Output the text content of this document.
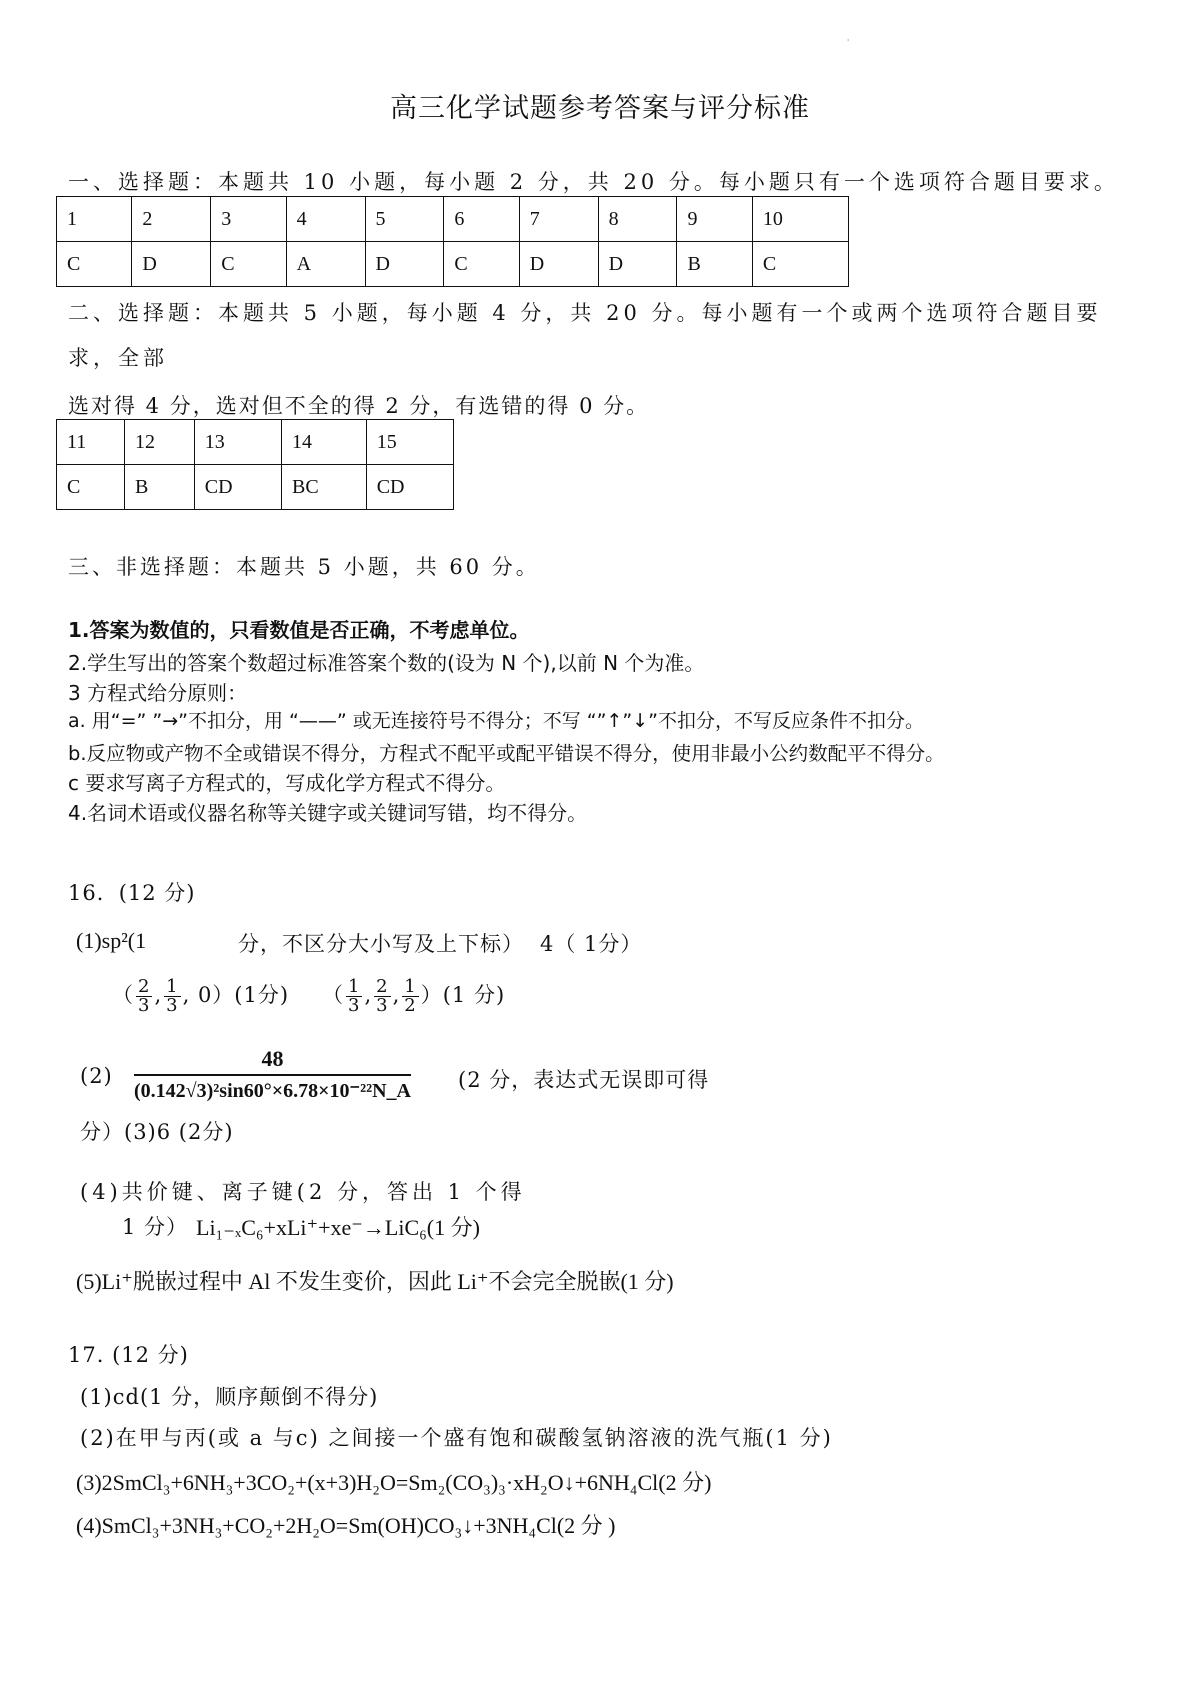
'
高三化学试题参考答案与评分标准
一、选择题：本题共 10 小题，每小题 2 分，共 20 分。每小题只有一个选项符合题目要求。
1	2	3	4	5	6	7	8	9	10
C	D	C	A	D	C	D	D	B	C
二、选择题：本题共 5 小题，每小题 4 分，共 20 分。每小题有一个或两个选项符合题目要
求，全部
选对得 4 分，选对但不全的得 2 分，有选错的得 0 分。
11	12	13	14	15
C	B	CD	BC	CD
三、非选择题：本题共 5 小题，共 60 分。
1.答案为数值的，只看数值是否正确，不考虑单位。
2.学生写出的答案个数超过标准答案个数的(设为 N 个),以前 N 个为准。
3 方程式给分原则：
a. 用“=” ”→”不扣分，用 “——” 或无连接符号不得分；不写 “”↑”↓”不扣分，不写反应条件不扣分。
b.反应物或产物不全或错误不得分，方程式不配平或配平错误不得分，使用非最小公约数配平不得分。
c 要求写离子方程式的，写成化学方程式不得分。
4.名词术语或仪器名称等关键字或关键词写错，均不得分。
16．(12 分)
(1)sp²(1	分，不区分大小写及上下标） 4（ 1分）
（ $\frac{2}{3}$ , $\frac{1}{3}$ , 0）(1分) （ $\frac{1}{3}$ , $\frac{2}{3}$ , $\frac{1}{2} )(1$ 分)
$(2) \frac{48}{\text{(0.142√3)²sin60°×6.78×10⁻²²N\_A}} (2$ 分，表达式无误即可得
分）(3)6 (2分)
(4)共价键、离子键(2 分，答出 1 个得
1 分） Li₁₋ₓC₆+xLi⁺+xe⁻→LiC₆(1 分)
(5)Li⁺脱嵌过程中 Al 不发生变价，因此 Li⁺不会完全脱嵌(1 分)
17. (12 分)
(1)cd(1 分，顺序颠倒不得分)
(2)在甲与丙(或 a 与c) 之间接一个盛有饱和碳酸氢钠溶液的洗气瓶(1 分)
(3)2SmCl₃+6NH₃+3CO₂+(x+3)H₂O=Sm₂(CO₃)₃·xH₂O↓+6NH₄Cl(2 分)
(4)SmCl₃+3NH₃+CO₂+2H₂O=Sm(OH)CO₃↓+3NH₄Cl(2 分 )
